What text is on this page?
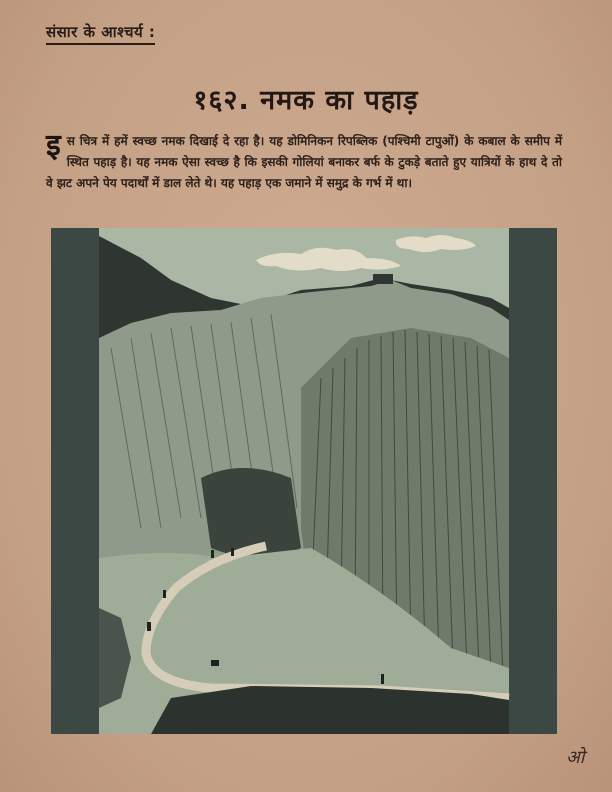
संसार के आश्चर्य :
१६२. नमक का पहाड़
इस चित्र में हमें स्वच्छ नमक दिखाई दे रहा है। यह डोमिनिकन रिपब्लिक (पश्चिमी टापुओं) के कबाल के समीप में स्थित पहाड़ है। यह नमक ऐसा स्वच्छ है कि इसकी गोलियां बनाकर बर्फ के टुकड़े बताते हुए यात्रियों के हाथ दे तो वे झट अपने पेय पदार्थों में डाल लेते थे। यह पहाड़ एक जमाने में समुद्र के गर्भ में था।
ओ
